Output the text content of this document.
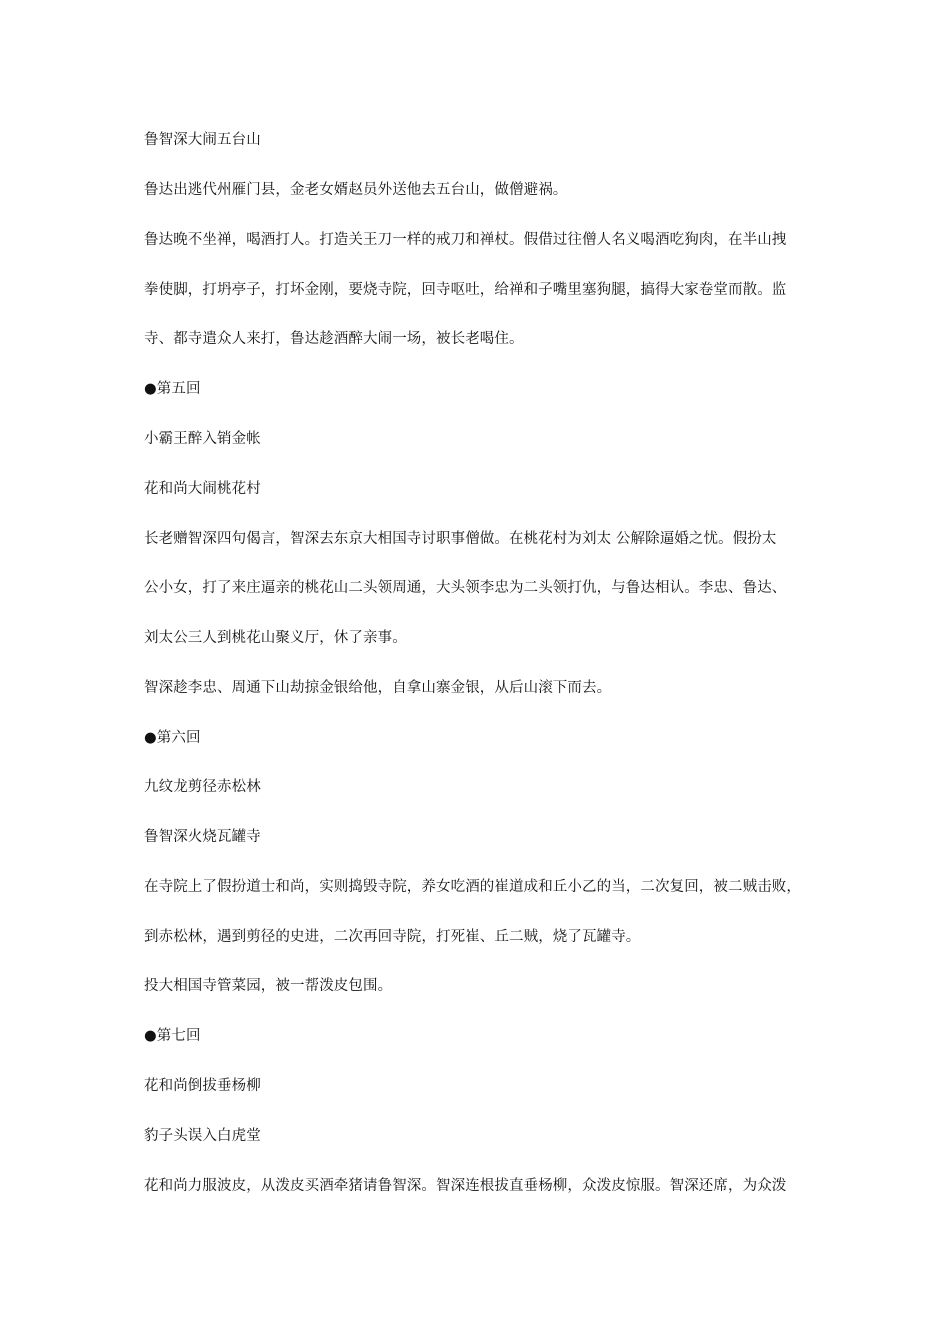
鲁智深大闹五台山
鲁达出逃代州雁门县，金老女婿赵员外送他去五台山，做僧避祸。
鲁达晚不坐禅，喝酒打人。打造关王刀一样的戒刀和禅杖。假借过往僧人名义喝酒吃狗肉，在半山拽
拳使脚，打坍亭子，打坏金刚，要烧寺院，回寺呕吐，给禅和子嘴里塞狗腿，搞得大家卷堂而散。监
寺、都寺遣众人来打，鲁达趁酒醉大闹一场，被长老喝住。
●第五回
小霸王醉入销金帐
花和尚大闹桃花村
长老赠智深四句偈言，智深去东京大相国寺讨职事僧做。在桃花村为刘太 公解除逼婚之忧。假扮太
公小女，打了来庄逼亲的桃花山二头领周通，大头领李忠为二头领打仇，与鲁达相认。李忠、鲁达、
刘太公三人到桃花山聚义厅，休了亲事。
智深趁李忠、周通下山劫掠金银给他，自拿山寨金银，从后山滚下而去。
●第六回
九纹龙剪径赤松林
鲁智深火烧瓦罐寺
在寺院上了假扮道士和尚，实则捣毁寺院，养女吃酒的崔道成和丘小乙的当，二次复回，被二贼击败，
到赤松林，遇到剪径的史进，二次再回寺院，打死崔、丘二贼，烧了瓦罐寺。
投大相国寺管菜园，被一帮泼皮包围。
●第七回
花和尚倒拔垂杨柳
豹子头误入白虎堂
花和尚力服波皮，从泼皮买酒牵猪请鲁智深。智深连根拔直垂杨柳，众泼皮惊服。智深还席，为众泼
